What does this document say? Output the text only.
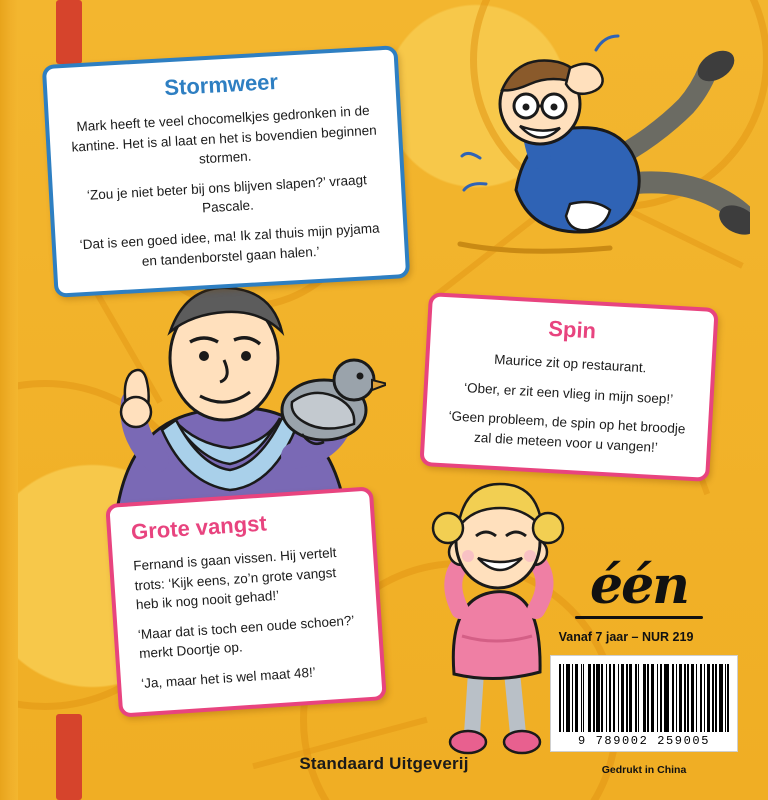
Stormweer

Mark heeft te veel chocomelkjes gedronken in de kantine. Het is al laat en het is bovendien beginnen stormen.

‘Zou je niet beter bij ons blijven slapen?’ vraagt Pascale.

‘Dat is een goed idee, ma! Ik zal thuis mijn pyjama en tandenborstel gaan halen.’

Spin

Maurice zit op restaurant.

‘Ober, er zit een vlieg in mijn soep!’

‘Geen probleem, de spin op het broodje zal die meteen voor u vangen!’

Grote vangst

Fernand is gaan vissen. Hij vertelt trots: ‘Kijk eens, zo’n grote vangst heb ik nog nooit gehad!’

‘Maar dat is toch een oude schoen?’ merkt Doortje op.

‘Ja, maar het is wel maat 48!’

één
Vanaf 7 jaar – NUR 219
9 789002 259005
Gedrukt in China
Standaard Uitgeverij
